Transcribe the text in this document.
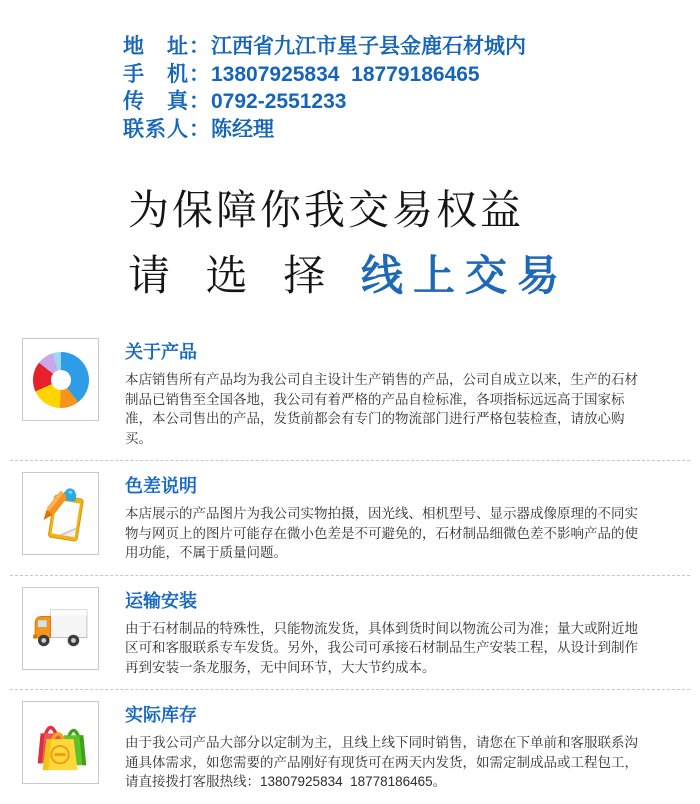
地　址：江西省九江市星子县金鹿石材城内
手　机：13807925834  18779186465
传　真：0792-2551233
联系人：陈经理
为保障你我交易权益
请 选 择 线上交易
关于产品
本店销售所有产品均为我公司自主设计生产销售的产品，公司自成立以来，生产的石材制品已销售至全国各地，我公司有着严格的产品自检标准，各项指标远远高于国家标准，本公司售出的产品，发货前都会有专门的物流部门进行严格包装检查，请放心购买。
色差说明
本店展示的产品图片为我公司实物拍摄，因光线、相机型号、显示器成像原理的不同实物与网页上的图片可能存在微小色差是不可避免的，石材制品细微色差不影响产品的使用功能，不属于质量问题。
运输安装
由于石材制品的特殊性，只能物流发货，具体到货时间以物流公司为准；量大或附近地区可和客服联系专车发货。另外，我公司可承接石材制品生产安装工程，从设计到制作再到安装一条龙服务，无中间环节，大大节约成本。
实际库存
由于我公司产品大部分以定制为主，且线上线下同时销售，请您在下单前和客服联系沟通具体需求，如您需要的产品刚好有现货可在两天内发货，如需定制成品或工程包工，请直接拨打客服热线：13807925834  18778186465。
